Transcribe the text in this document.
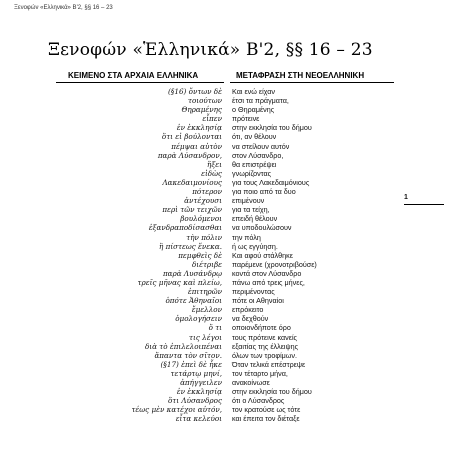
Ξενοφών «Ελληνικά» Β'2, §§ 16 – 23
Ξενοφών «Ἑλληνικά» Β'2, §§ 16 – 23
ΚΕΙΜΕΝΟ ΣΤΑ ΑΡΧΑΙΑ ΕΛΛΗΝΙΚΑ	ΜΕΤΑΦΡΑΣΗ ΣΤΗ ΝΕΟΕΛΛΗΝΙΚΗ
(§16) ὄντων δὲ
τοιούτων
Θηραμένης
εἶπεν
ἐν ἐκκλησίᾳ
ὅτι εἰ βούλονται
πέμψαι αὐτὸν
παρὰ Λύσανδρον,
ἥξει
εἰδὼς
Λακεδαιμονίους
πότερον
ἀντέχουσι
περὶ τῶν τειχῶν
βουλόμενοι
ἐξανδραποδίσασθαι
τὴν πόλιν
ἢ πίστεως ἕνεκα.
πεμφθεὶς δὲ
διέτριβε
παρὰ Λυσάνδρῳ
τρεῖς μῆνας καὶ πλείω,
ἐπιτηρῶν
ὁπότε Ἀθηναῖοι
ἔμελλον
ὁμολογήσειν
ὅ τι
τις λέγοι
διὰ τὸ ἐπιλελοιπέναι
ἅπαντα τὸν σῖτον.
(§17) ἐπεὶ δὲ ἧκε
τετάρτῳ μηνί,
ἀπήγγειλεν
ἐν ἐκκλησίᾳ
ὅτι Λύσανδρος
τέως μὲν κατέχοι αὐτόν,
εἶτα κελεύοι
Και ενώ είχαν
έτσι τα πράγματα,
ο Θηραμένης
πρότεινε
στην εκκλησία του δήμου
ότι, αν θέλουν
να στείλουν αυτόν
στον Λύσανδρο,
θα επιστρέψει
γνωρίζοντας
για τους Λακεδαιμόνιους
για ποιο από τα δυο
επιμένουν
για τα τείχη,
επειδή θέλουν
να υποδουλώσουν
την πόλη
ή ως εγγύηση.
Και αφού στάλθηκε
παρέμενε (χρονοτριβούσε)
κοντά στον Λύσανδρο
πάνω από τρεις μήνες,
περιμένοντας
πότε οι Αθηναίοι
επρόκειτο
να δεχθούν
οποιονδήποτε όρο
τους πρότεινε κανείς
εξαιτίας της έλλειψης
όλων των τροφίμων.
Όταν τελικά επέστρεψε
τον τέταρτο μήνα,
ανακοίνωσε
στην εκκλησία του δήμου
ότι ο Λύσανδρος
τον κρατούσε ως τότε
και έπειτα τον διέταξε
1
